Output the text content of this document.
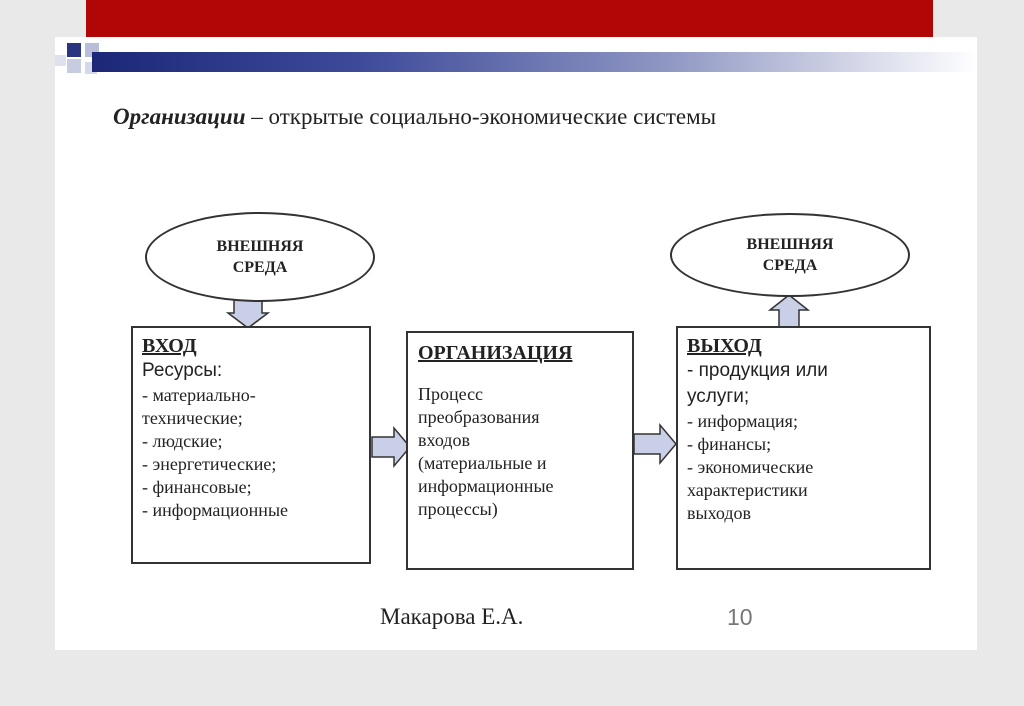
Организации – открытые социально-экономические системы
ВНЕШНЯЯ
СРЕДА
ВНЕШНЯЯ
СРЕДА
ВХОД
Ресурсы:
- материально-
технические;
- людские;
- энергетические;
- финансовые;
- информационные
ОРГАНИЗАЦИЯ
Процесс
преобразования
входов
(материальные и
информационные
процессы)
ВЫХОД
- продукция или
услуги;
- информация;
- финансы;
- экономические
характеристики
выходов
Макарова Е.А.	10
